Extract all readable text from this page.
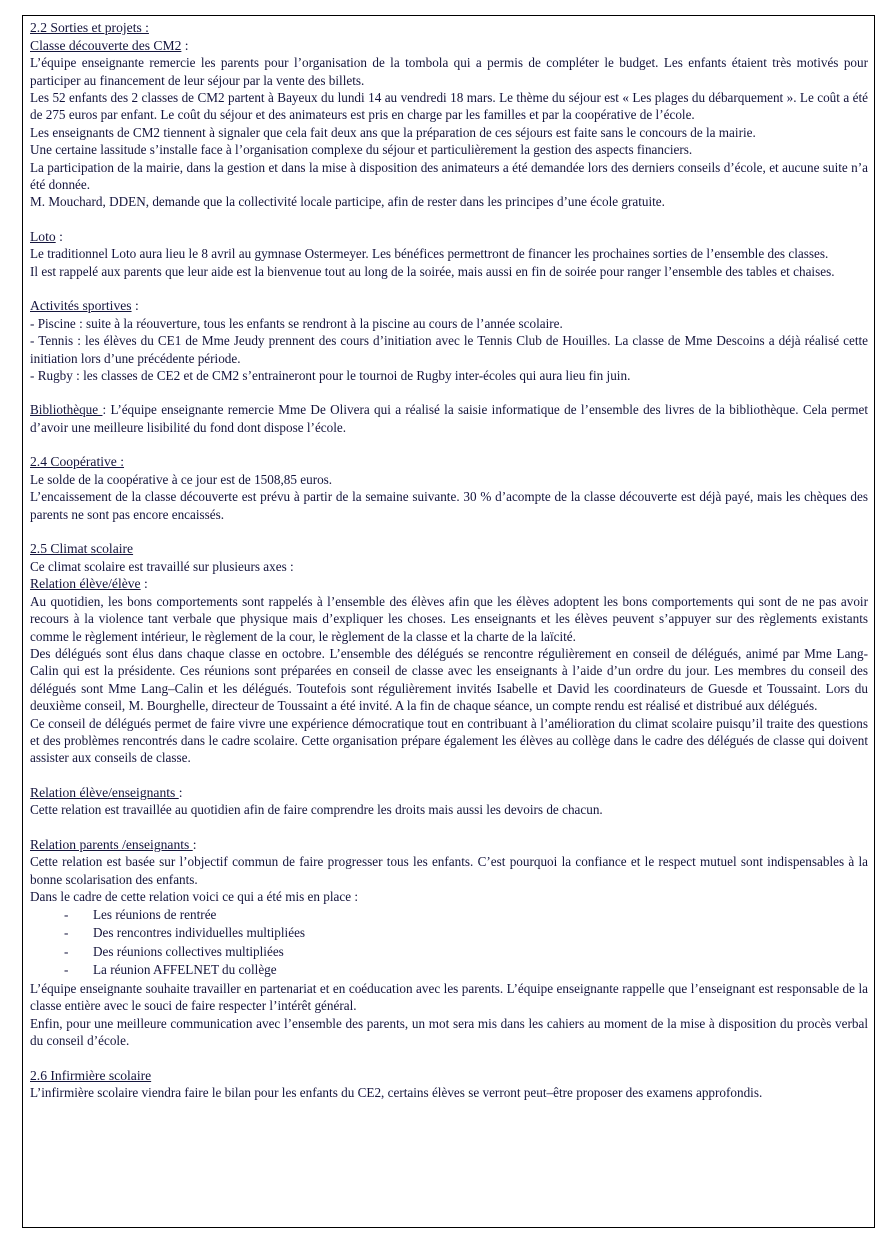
2.2 Sorties et projets :

Classe découverte des CM2 :

L’équipe enseignante remercie les parents pour l’organisation de la tombola qui a permis de compléter le budget. Les enfants étaient très motivés pour participer au financement de leur séjour par la vente des billets.

Les 52 enfants des 2 classes de CM2 partent à Bayeux du lundi 14 au vendredi 18 mars. Le thème du séjour est « Les plages du débarquement ». Le coût a été de 275 euros par enfant. Le coût du séjour et des animateurs est pris en charge par les familles et par la coopérative de l’école.

Les enseignants de CM2 tiennent à signaler que cela fait deux ans que la préparation de ces séjours est faite sans le concours de la mairie.

Une certaine lassitude s’installe face à l’organisation complexe du séjour et particulièrement la gestion des aspects financiers.

La participation de la mairie, dans la gestion et dans la mise à disposition des animateurs a été demandée lors des derniers conseils d’école, et aucune suite n’a été donnée.

M. Mouchard, DDEN, demande que la collectivité locale participe, afin de rester dans les principes d’une école gratuite.

Loto :

Le traditionnel Loto aura lieu le 8 avril au gymnase Ostermeyer. Les bénéfices permettront de financer les prochaines sorties de l’ensemble des classes.

Il est rappelé aux parents que leur aide est la bienvenue tout au long de la soirée, mais aussi en fin de soirée pour ranger l’ensemble des tables et chaises.

Activités sportives :

- Piscine : suite à la réouverture, tous les enfants se rendront à la piscine au cours de l’année scolaire.

- Tennis : les élèves du CE1 de Mme Jeudy prennent des cours d’initiation avec le Tennis Club de Houilles. La classe de Mme Descoins a déjà réalisé cette initiation lors d’une précédente période.

- Rugby : les classes de CE2 et de CM2 s’entraineront pour le tournoi de Rugby inter-écoles qui aura lieu fin juin.

Bibliothèque : L’équipe enseignante remercie Mme De Olivera qui a réalisé la saisie informatique de l’ensemble des livres de la bibliothèque. Cela permet d’avoir une meilleure lisibilité du fond dont dispose l’école.

2.4 Coopérative :

Le solde de la coopérative à ce jour est de 1508,85 euros.

L’encaissement de la classe découverte est prévu à partir de la semaine suivante. 30 % d’acompte de la classe découverte est déjà payé, mais les chèques des parents ne sont pas encore encaissés.

2.5 Climat scolaire

Ce climat scolaire est travaillé sur plusieurs axes :

Relation élève/élève :

Au quotidien, les bons comportements sont rappelés à l’ensemble des élèves afin que les élèves adoptent les bons comportements qui sont de ne pas avoir recours à la violence tant verbale que physique mais d’expliquer les choses. Les enseignants et les élèves peuvent s’appuyer sur des règlements existants comme le règlement intérieur, le règlement de la cour, le règlement de la classe et la charte de la laïcité.

Des délégués sont élus dans chaque classe en octobre. L’ensemble des délégués se rencontre régulièrement en conseil de délégués, animé par Mme Lang-Calin qui est la présidente. Ces réunions sont préparées en conseil de classe avec les enseignants à l’aide d’un ordre du jour. Les membres du conseil des délégués sont Mme Lang–Calin et les délégués. Toutefois sont régulièrement invités Isabelle et David les coordinateurs de Guesde et Toussaint. Lors du deuxième conseil, M. Bourghelle, directeur de Toussaint a été invité. A la fin de chaque séance, un compte rendu est réalisé et distribué aux délégués.

Ce conseil de délégués permet de faire vivre une expérience démocratique tout en contribuant à l’amélioration du climat scolaire puisqu’il traite des questions et des problèmes rencontrés dans le cadre scolaire. Cette organisation prépare également les élèves au collège dans le cadre des délégués de classe qui doivent assister aux conseils de classe.

Relation élève/enseignants :

Cette relation est travaillée au quotidien afin de faire comprendre les droits mais aussi les devoirs de chacun.

Relation parents /enseignants :

Cette relation est basée sur l’objectif commun de faire progresser tous les enfants. C’est pourquoi la confiance et le respect mutuel sont indispensables à la bonne scolarisation des enfants.

Dans le cadre de cette relation voici ce qui a été mis en place :

- Les réunions de rentrée
- Des rencontres individuelles multipliées
- Des réunions collectives multipliées
- La réunion AFFELNET du collège

L’équipe enseignante souhaite travailler en partenariat et en coéducation avec les parents. L’équipe enseignante rappelle que l’enseignant est responsable de la classe entière avec le souci de faire respecter l’intérêt général.

Enfin, pour une meilleure communication avec l’ensemble des parents, un mot sera mis dans les cahiers au moment de la mise à disposition du procès verbal du conseil d’école.

2.6 Infirmière scolaire

L’infirmière scolaire viendra faire le bilan pour les enfants du CE2, certains élèves se verront peut–être proposer des examens approfondis.
